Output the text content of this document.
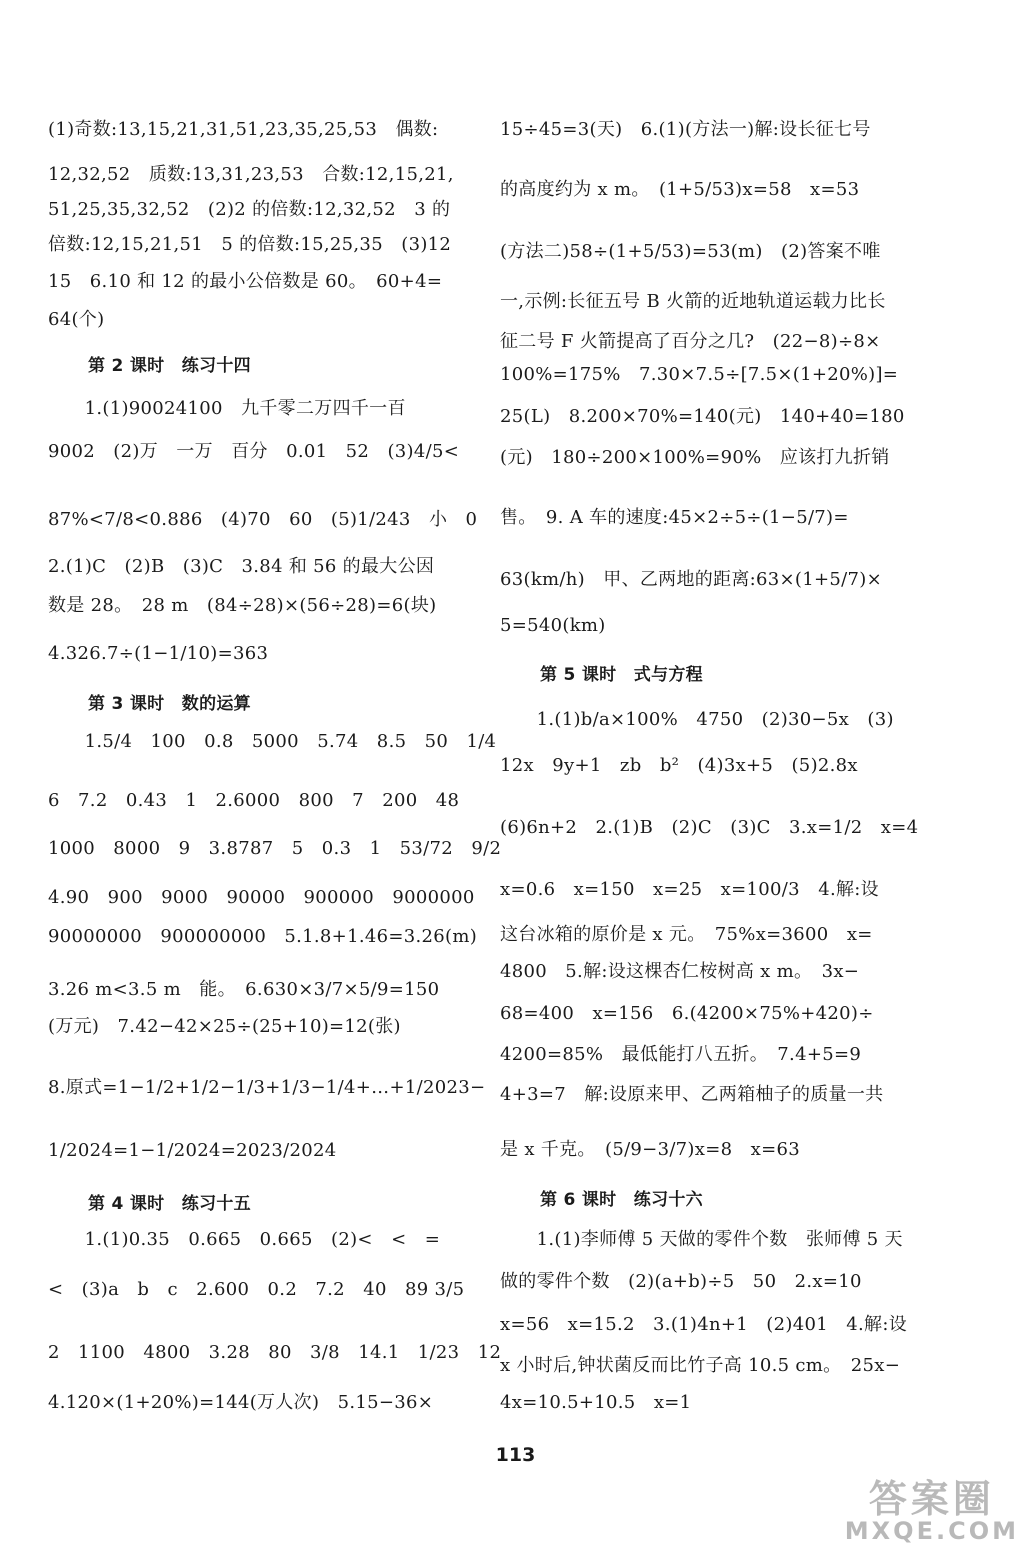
(1)奇数:13,15,21,31,51,23,35,25,53　偶数:
12,32,52　质数:13,31,23,53　合数:12,15,21,
51,25,35,32,52　(2)2 的倍数:12,32,52　3 的
倍数:12,15,21,51　5 的倍数:15,25,35　(3)12
15　6.10 和 12 的最小公倍数是 60。　60+4=
64(个)
第 2 课时　练习十四
　　1.(1)90024100　九千零二万四千一百
9002　(2)万　一万　百分　0.01　52　(3)4/5<
87%<7/8<0.886　(4)70　60　(5)1/243　小　0
2.(1)C　(2)B　(3)C　3.84 和 56 的最大公因
数是 28。　28 m　(84÷28)×(56÷28)=6(块)
4.326.7÷(1−1/10)=363
第 3 课时　数的运算
　　1.5/4　100　0.8　5000　5.74　8.5　50　1/4
6　7.2　0.43　1　2.6000　800　7　200　48
1000　8000　9　3.8787　5　0.3　1　53/72　9/2
4.90　900　9000　90000　900000　9000000
90000000　900000000　5.1.8+1.46=3.26(m)
3.26 m<3.5 m　能。　6.630×3/7×5/9=150
(万元)　7.42−42×25÷(25+10)=12(张)
8.原式=1−1/2+1/2−1/3+1/3−1/4+…+1/2023−
1/2024=1−1/2024=2023/2024
第 4 课时　练习十五
　　1.(1)0.35　0.665　0.665　(2)<　<　=
<　(3)a　b　c　2.600　0.2　7.2　40　89 3/5
2　1100　4800　3.28　80　3/8　14.1　1/23　12
4.120×(1+20%)=144(万人次)　5.15−36×
15÷45=3(天)　6.(1)(方法一)解:设长征七号
的高度约为 x m。　(1+5/53)x=58　x=53
(方法二)58÷(1+5/53)=53(m)　(2)答案不唯
一,示例:长征五号 B 火箭的近地轨道运载力比长
征二号 F 火箭提高了百分之几?　(22−8)÷8×
100%=175%　7.30×7.5÷[7.5×(1+20%)]=
25(L)　8.200×70%=140(元)　140+40=180
(元)　180÷200×100%=90%　应该打九折销
售。　9. A 车的速度:45×2÷5÷(1−5/7)=
63(km/h)　甲、乙两地的距离:63×(1+5/7)×
5=540(km)
第 5 课时　式与方程
　　1.(1)b/a×100%　4750　(2)30−5x　(3)
12x　9y+1　zb　b²　(4)3x+5　(5)2.8x
(6)6n+2　2.(1)B　(2)C　(3)C　3.x=1/2　x=4
x=0.6　x=150　x=25　x=100/3　4.解:设
这台冰箱的原价是 x 元。　75%x=3600　x=
4800　5.解:设这棵杏仁桉树高 x m。　3x−
68=400　x=156　6.(4200×75%+420)÷
4200=85%　最低能打八五折。　7.4+5=9
4+3=7　解:设原来甲、乙两箱柚子的质量一共
是 x 千克。　(5/9−3/7)x=8　x=63
第 6 课时　练习十六
　　1.(1)李师傅 5 天做的零件个数　张师傅 5 天
做的零件个数　(2)(a+b)÷5　50　2.x=10
x=56　x=15.2　3.(1)4n+1　(2)401　4.解:设
x 小时后,钟状菌反而比竹子高 10.5 cm。　25x−
4x=10.5+10.5　x=1
113
答案圈
MXQE.COM
